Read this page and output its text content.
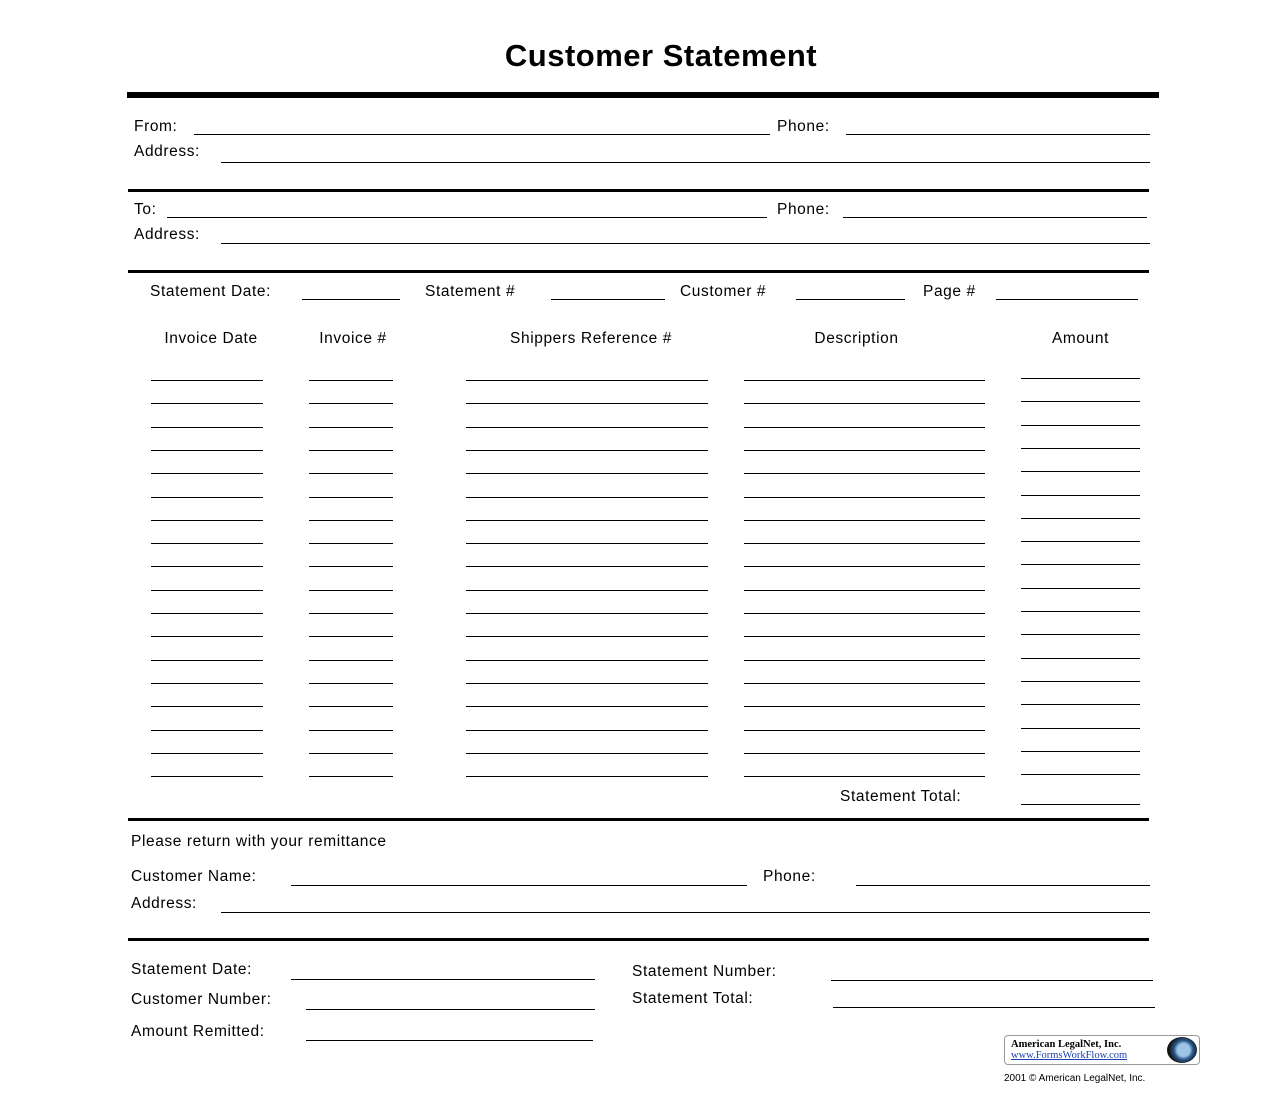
Customer Statement
From:	Phone:
Address:
To:	Phone:
Address:
Statement Date:	Statement #	Customer #	Page #
Invoice Date	Invoice #	Shippers Reference #	Description	Amount
Statement Total:
Please return with your remittance
Customer Name:	Phone:
Address:
Statement Date:
Customer Number:
Amount Remitted:
Statement Number:
Statement Total:
American LegalNet, Inc.
www.FormsWorkFlow.com
2001 © American LegalNet, Inc.
